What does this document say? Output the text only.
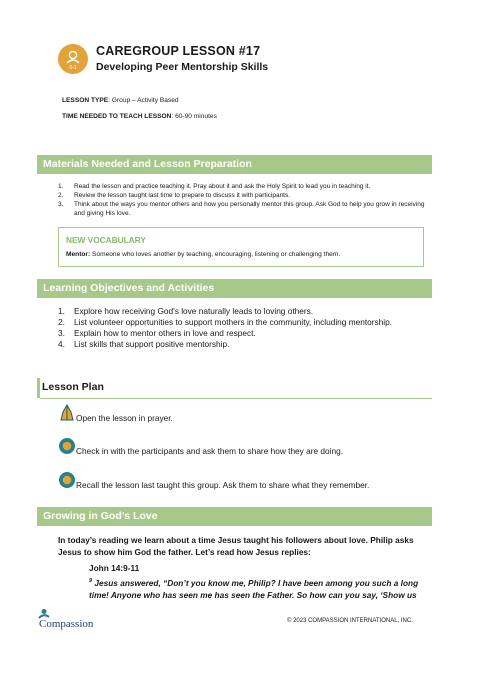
0-1
CAREGROUP LESSON #17
Developing Peer Mentorship Skills
LESSON TYPE: Group – Activity Based
TIME NEEDED TO TEACH LESSON: 60-90 minutes
Materials Needed and Lesson Preparation
1. Read the lesson and practice teaching it. Pray about it and ask the Holy Spirit to lead you in teaching it.
2. Review the lesson taught last time to prepare to discuss it with participants.
3. Think about the ways you mentor others and how you personally mentor this group. Ask God to help you grow in receiving and giving His love.
NEW VOCABULARY
Mentor: Someone who loves another by teaching, encouraging, listening or challenging them.
Learning Objectives and Activities
1. Explore how receiving God's love naturally leads to loving others.
2. List volunteer opportunities to support mothers in the community, including mentorship.
3. Explain how to mentor others in love and respect.
4. List skills that support positive mentorship.
Lesson Plan
Open the lesson in prayer.
Check in with the participants and ask them to share how they are doing.
Recall the lesson last taught this group. Ask them to share what they remember.
Growing in God’s Love
In today’s reading we learn about a time Jesus taught his followers about love. Philip asks Jesus to show him God the father. Let’s read how Jesus replies:
John 14:9-11
$^9$ Jesus answered, “Don’t you know me, Philip? I have been among you such a long time! Anyone who has seen me has seen the Father. So how can you say, ‘Show us
Compassion	© 2023 COMPASSION INTERNATIONAL, INC.
